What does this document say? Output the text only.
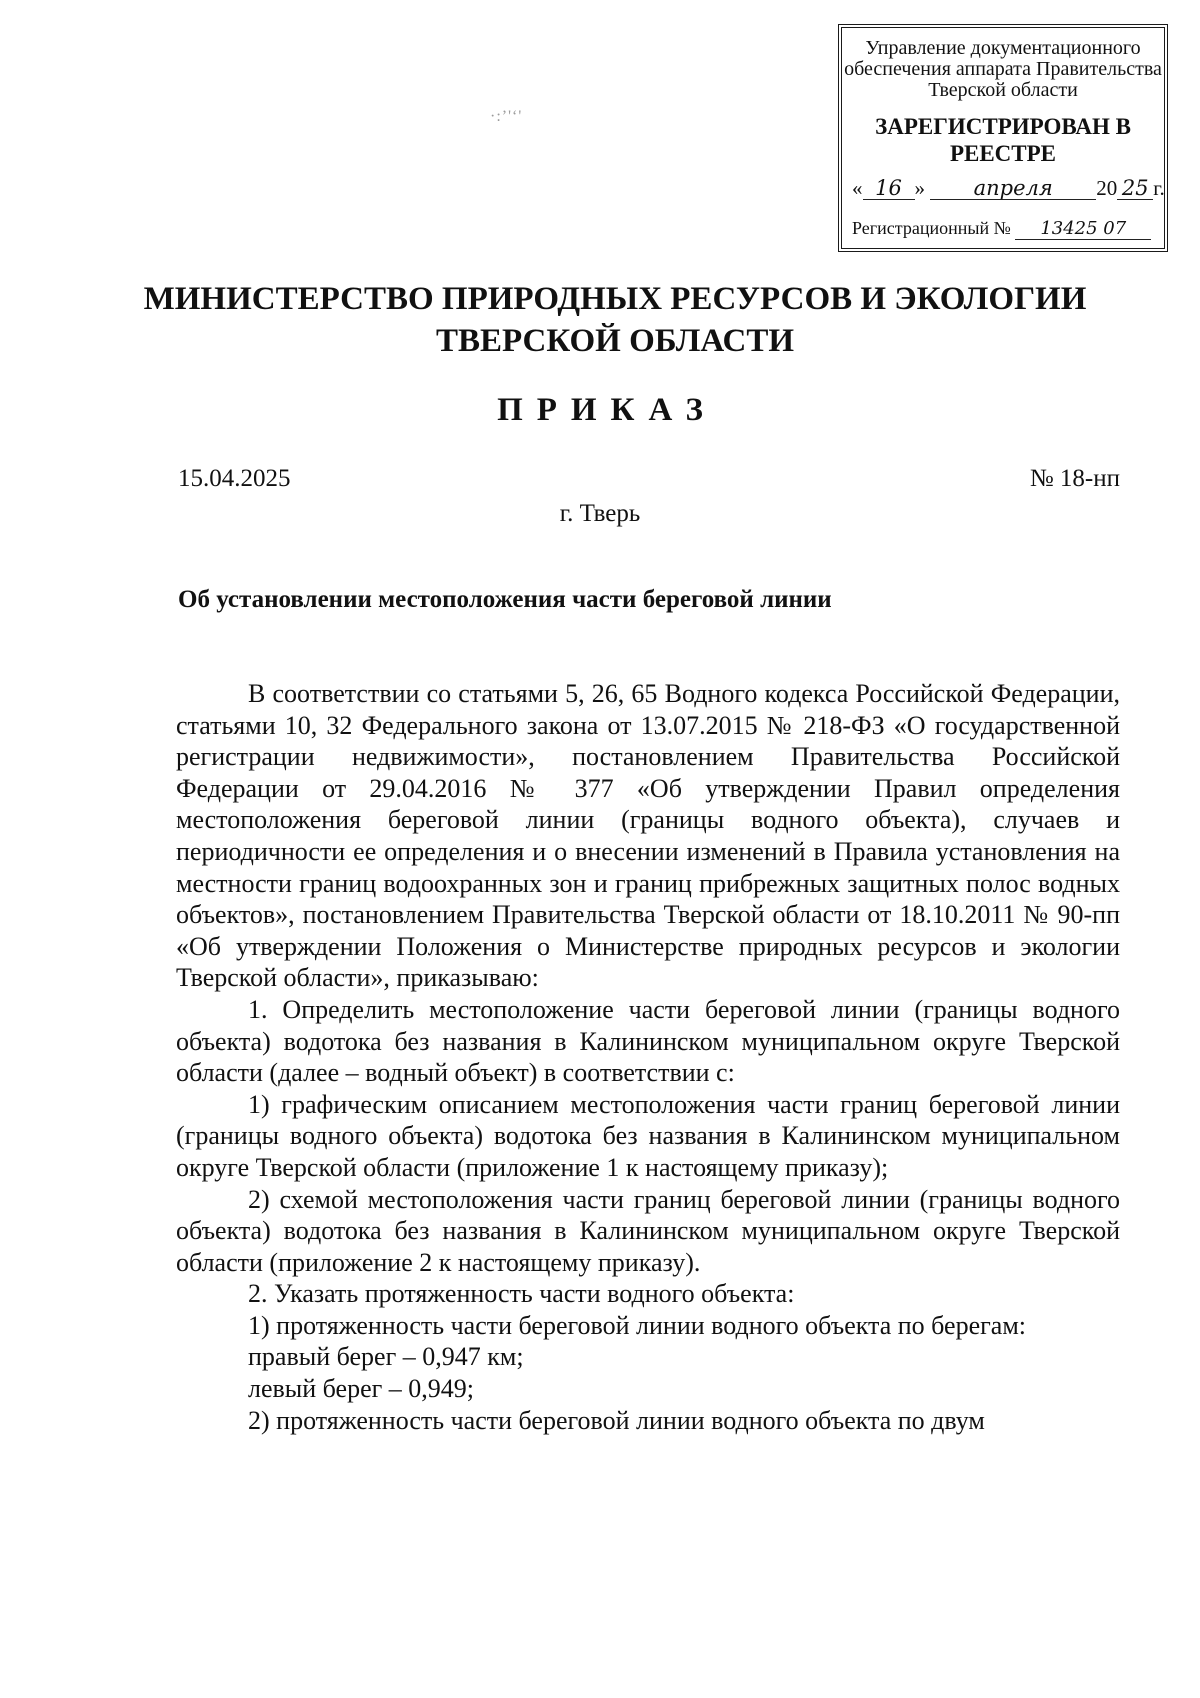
·:ʼ'ʻ'
Управление документационного обеспечения аппарата Правительства Тверской области
ЗАРЕГИСТРИРОВАН В РЕЕСТРЕ
« 16 » апреля 20 25 г.
Регистрационный № 13425 07
МИНИСТЕРСТВО ПРИРОДНЫХ РЕСУРСОВ И ЭКОЛОГИИ ТВЕРСКОЙ ОБЛАСТИ
ПРИКАЗ
15.04.2025	№ 18-нп
г. Тверь
Об установлении местоположения части береговой линии

В соответствии со статьями 5, 26, 65 Водного кодекса Российской Федерации, статьями 10, 32 Федерального закона от 13.07.2015 № 218-ФЗ «О государственной регистрации недвижимости», постановлением Правительства Российской Федерации от 29.04.2016 № 377 «Об утверждении Правил определения местоположения береговой линии (границы водного объекта), случаев и периодичности ее определения и о внесении изменений в Правила установления на местности границ водоохранных зон и границ прибрежных защитных полос водных объектов», постановлением Правительства Тверской области от 18.10.2011 № 90-пп «Об утверждении Положения о Министерстве природных ресурсов и экологии Тверской области», приказываю:

1. Определить местоположение части береговой линии (границы водного объекта) водотока без названия в Калининском муниципальном округе Тверской области (далее – водный объект) в соответствии с:

1) графическим описанием местоположения части границ береговой линии (границы водного объекта) водотока без названия в Калининском муниципальном округе Тверской области (приложение 1 к настоящему приказу);

2) схемой местоположения части границ береговой линии (границы водного объекта) водотока без названия в Калининском муниципальном округе Тверской области (приложение 2 к настоящему приказу).

2. Указать протяженность части водного объекта:

1) протяженность части береговой линии водного объекта по берегам:

правый берег – 0,947 км;

левый берег – 0,949;

2) протяженность части береговой линии водного объекта по двум
